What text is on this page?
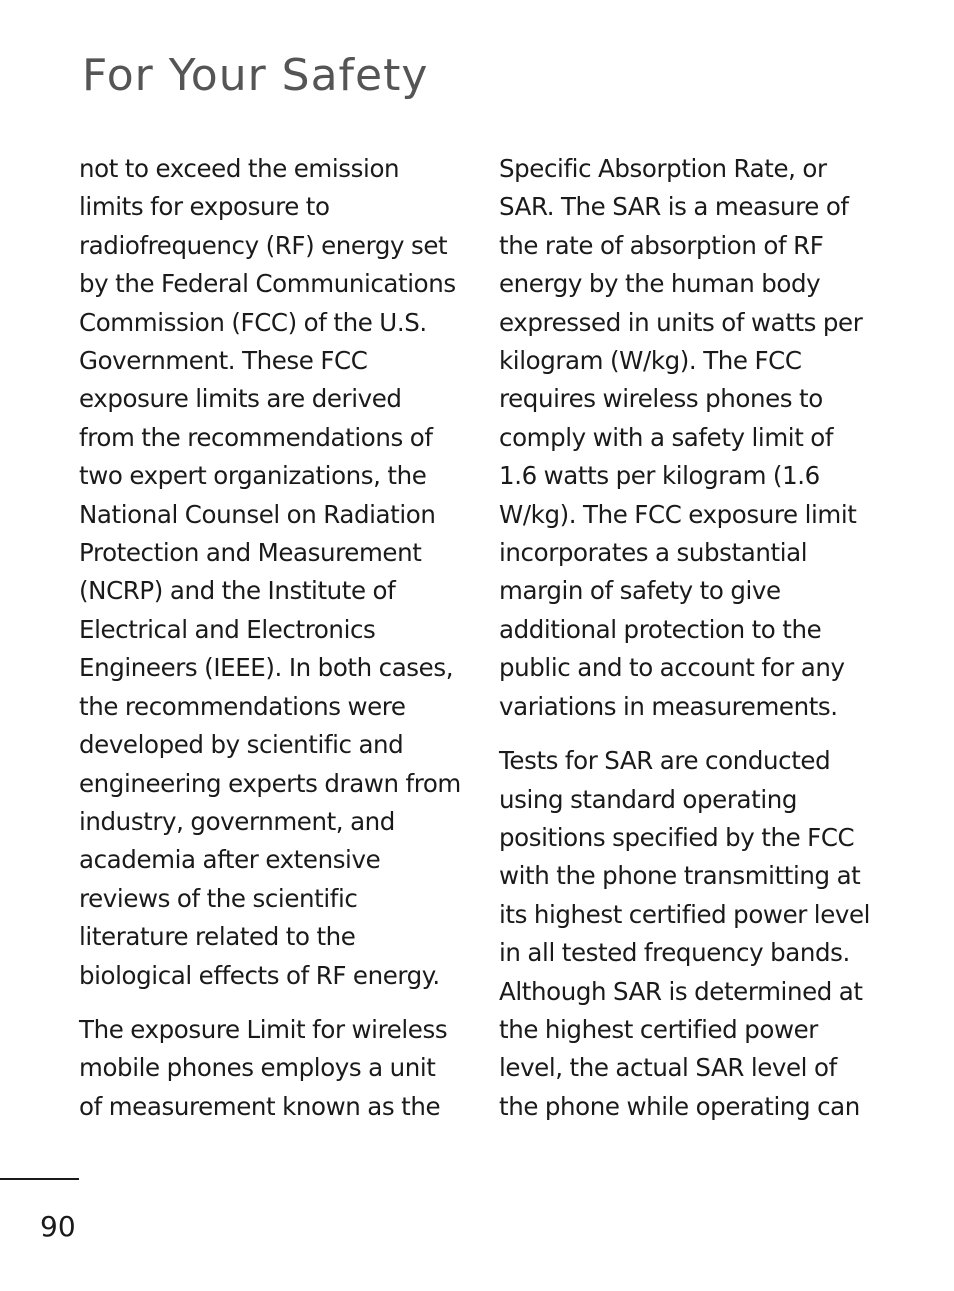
For Your Safety

not to exceed the emission
limits for exposure to
radiofrequency (RF) energy set
by the Federal Communications
Commission (FCC) of the U.S.
Government. These FCC
exposure limits are derived
from the recommendations of
two expert organizations, the
National Counsel on Radiation
Protection and Measurement
(NCRP) and the Institute of
Electrical and Electronics
Engineers (IEEE). In both cases,
the recommendations were
developed by scientific and
engineering experts drawn from
industry, government, and
academia after extensive
reviews of the scientific
literature related to the
biological effects of RF energy.

The exposure Limit for wireless
mobile phones employs a unit
of measurement known as the

Specific Absorption Rate, or
SAR. The SAR is a measure of
the rate of absorption of RF
energy by the human body
expressed in units of watts per
kilogram (W/kg). The FCC
requires wireless phones to
comply with a safety limit of
1.6 watts per kilogram (1.6
W/kg). The FCC exposure limit
incorporates a substantial
margin of safety to give
additional protection to the
public and to account for any
variations in measurements.

Tests for SAR are conducted
using standard operating
positions specified by the FCC
with the phone transmitting at
its highest certified power level
in all tested frequency bands.
Although SAR is determined at
the highest certified power
level, the actual SAR level of
the phone while operating can

90
